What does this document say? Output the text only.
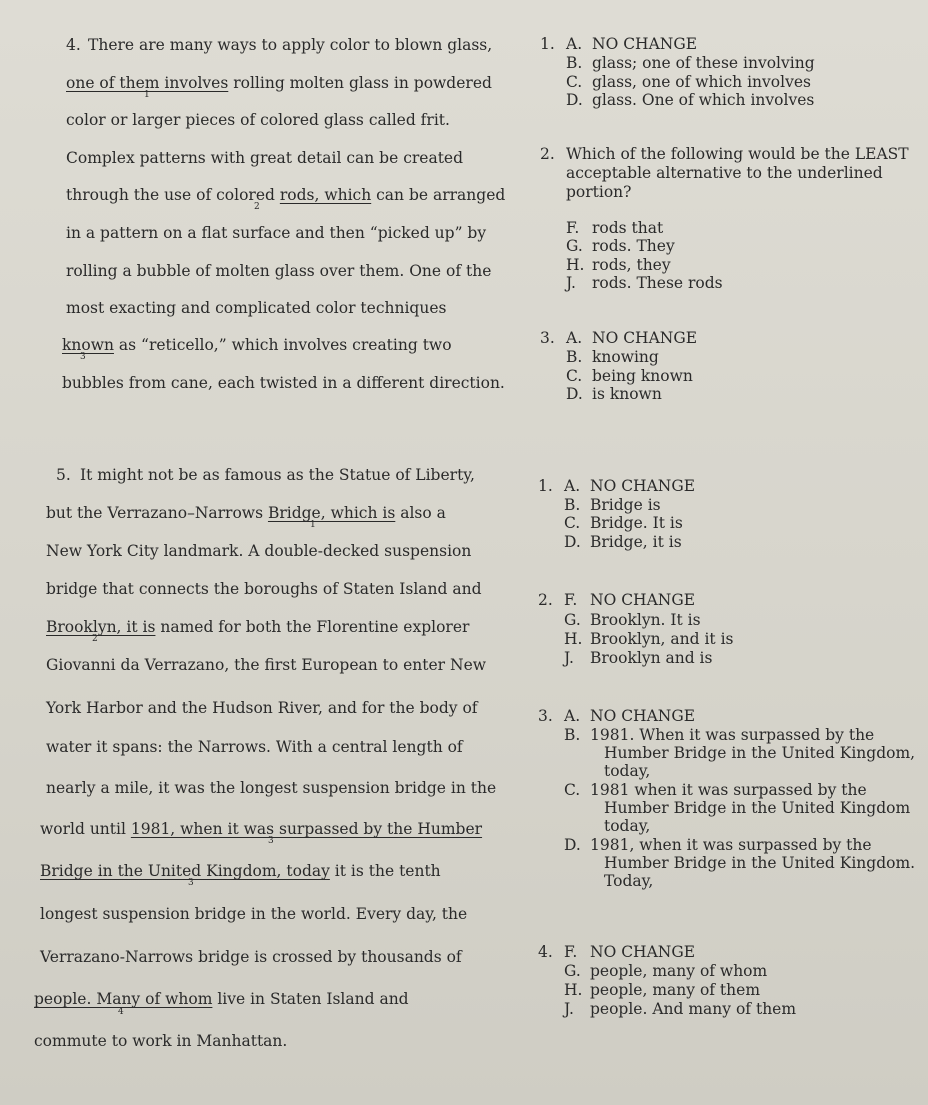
4. There are many ways to apply color to blown glass,
one of them involves rolling molten glass in powdered
1
color or larger pieces of colored glass called frit.
Complex patterns with great detail can be created
through the use of colored rods, which can be arranged
2
in a pattern on a flat surface and then “picked up” by
rolling a bubble of molten glass over them. One of the
most exacting and complicated color techniques
known as “reticello,” which involves creating two
3
bubbles from cane, each twisted in a different direction.
1. A. NO CHANGE
B. glass; one of these involving
C. glass, one of which involves
D. glass. One of which involves
2. Which of the following would be the LEAST
acceptable alternative to the underlined
portion?
F. rods that
G. rods. They
H. rods, they
J. rods. These rods
3. A. NO CHANGE
B. knowing
C. being known
D. is known
5. It might not be as famous as the Statue of Liberty,
but the Verrazano–Narrows Bridge, which is also a
1
New York City landmark. A double-decked suspension
bridge that connects the boroughs of Staten Island and
Brooklyn, it is named for both the Florentine explorer
2
Giovanni da Verrazano, the first European to enter New
York Harbor and the Hudson River, and for the body of
water it spans: the Narrows. With a central length of
nearly a mile, it was the longest suspension bridge in the
world until 1981, when it was surpassed by the Humber
3
Bridge in the United Kingdom, today it is the tenth
3
longest suspension bridge in the world. Every day, the
Verrazano-Narrows bridge is crossed by thousands of
people. Many of whom live in Staten Island and
4
commute to work in Manhattan.
1. A. NO CHANGE
B. Bridge is
C. Bridge. It is
D. Bridge, it is
2. F. NO CHANGE
G. Brooklyn. It is
H. Brooklyn, and it is
J. Brooklyn and is
3. A. NO CHANGE
B. 1981. When it was surpassed by the
Humber Bridge in the United Kingdom,
today,
C. 1981 when it was surpassed by the
Humber Bridge in the United Kingdom
today,
D. 1981, when it was surpassed by the
Humber Bridge in the United Kingdom.
Today,
4. F. NO CHANGE
G. people, many of whom
H. people, many of them
J. people. And many of them
